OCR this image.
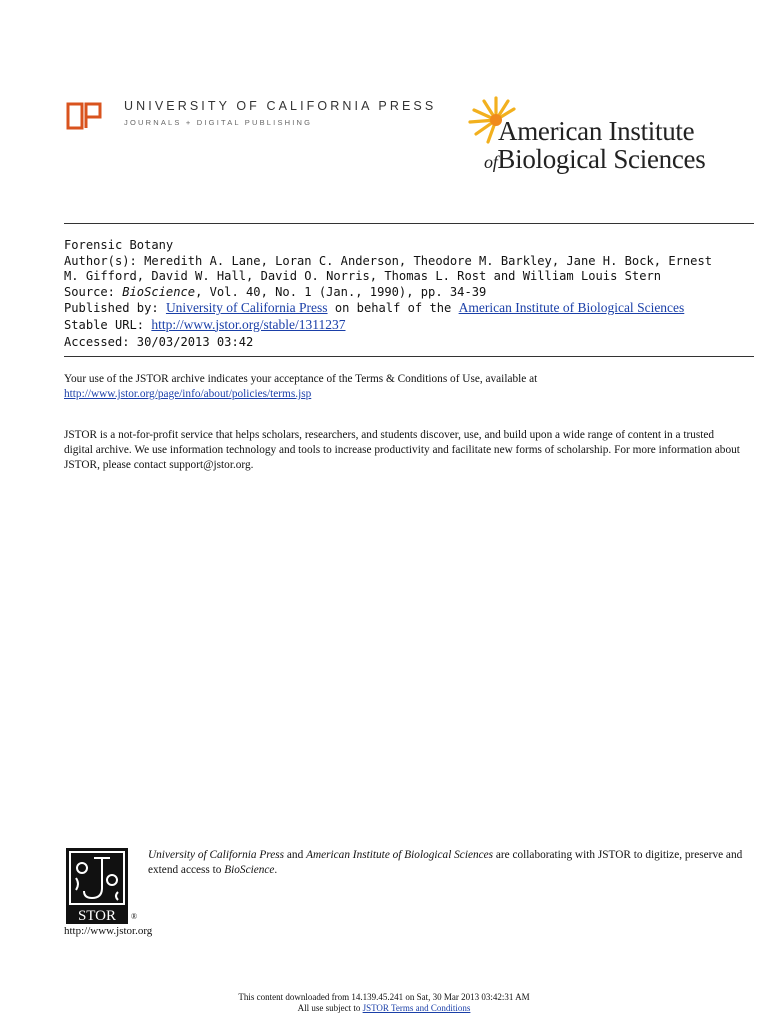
UNIVERSITY OF CALIFORNIA PRESS
JOURNALS + DIGITAL PUBLISHING	American Institute
ofBiological Sciences
Forensic Botany
Author(s): Meredith A. Lane, Loran C. Anderson, Theodore M. Barkley, Jane H. Bock, Ernest
M. Gifford, David W. Hall, David O. Norris, Thomas L. Rost and William Louis Stern
Source: BioScience, Vol. 40, No. 1 (Jan., 1990), pp. 34-39
Published by: University of California Press on behalf of the American Institute of Biological Sciences
Stable URL: http://www.jstor.org/stable/1311237
Accessed: 30/03/2013 03:42
Your use of the JSTOR archive indicates your acceptance of the Terms & Conditions of Use, available at
http://www.jstor.org/page/info/about/policies/terms.jsp
JSTOR is a not-for-profit service that helps scholars, researchers, and students discover, use, and build upon a wide range of content in a trusted digital archive. We use information technology and tools to increase productivity and facilitate new forms of scholarship. For more information about JSTOR, please contact support@jstor.org.
STOR ®
University of California Press and American Institute of Biological Sciences are collaborating with JSTOR to digitize, preserve and extend access to BioScience.
http://www.jstor.org
This content downloaded from 14.139.45.241 on Sat, 30 Mar 2013 03:42:31 AM
All use subject to JSTOR Terms and Conditions
